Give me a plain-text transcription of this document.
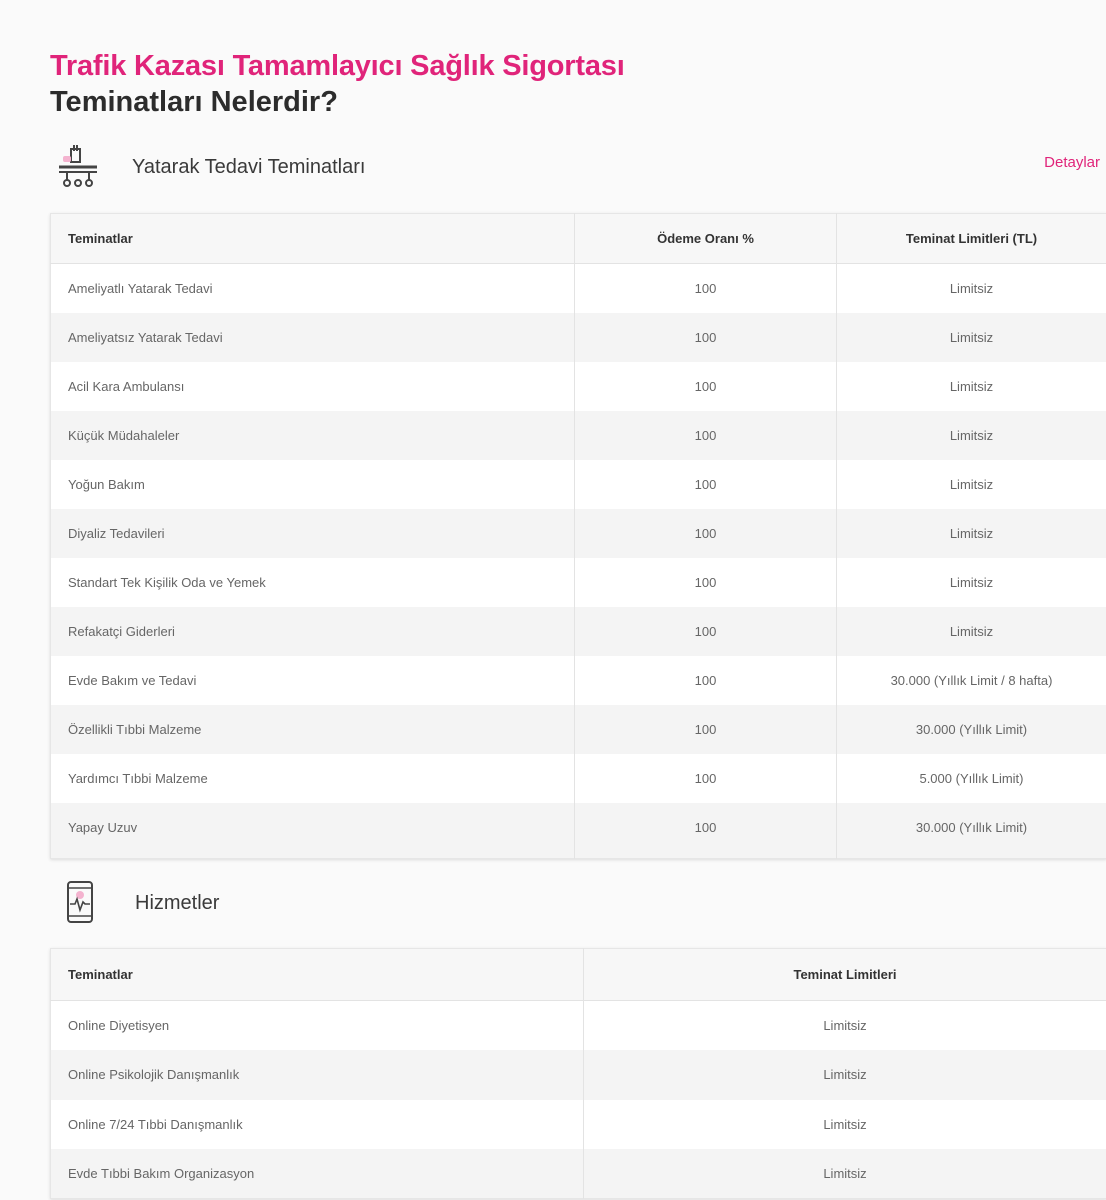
Trafik Kazası Tamamlayıcı Sağlık Sigortası
Teminatları Nelerdir?
Yatarak Tedavi Teminatları	Detaylar
Teminatlar	Ödeme Oranı %	Teminat Limitleri (TL)
Ameliyatlı Yatarak Tedavi	100	Limitsiz
Ameliyatsız Yatarak Tedavi	100	Limitsiz
Acil Kara Ambulansı	100	Limitsiz
Küçük Müdahaleler	100	Limitsiz
Yoğun Bakım	100	Limitsiz
Diyaliz Tedavileri	100	Limitsiz
Standart Tek Kişilik Oda ve Yemek	100	Limitsiz
Refakatçi Giderleri	100	Limitsiz
Evde Bakım ve Tedavi	100	30.000 (Yıllık Limit / 8 hafta)
Özellikli Tıbbi Malzeme	100	30.000 (Yıllık Limit)
Yardımcı Tıbbi Malzeme	100	5.000 (Yıllık Limit)
Yapay Uzuv	100	30.000 (Yıllık Limit)

Hizmetler
Teminatlar	Teminat Limitleri
Online Diyetisyen	Limitsiz
Online Psikolojik Danışmanlık	Limitsiz
Online 7/24 Tıbbi Danışmanlık	Limitsiz
Evde Tıbbi Bakım Organizasyon	Limitsiz
